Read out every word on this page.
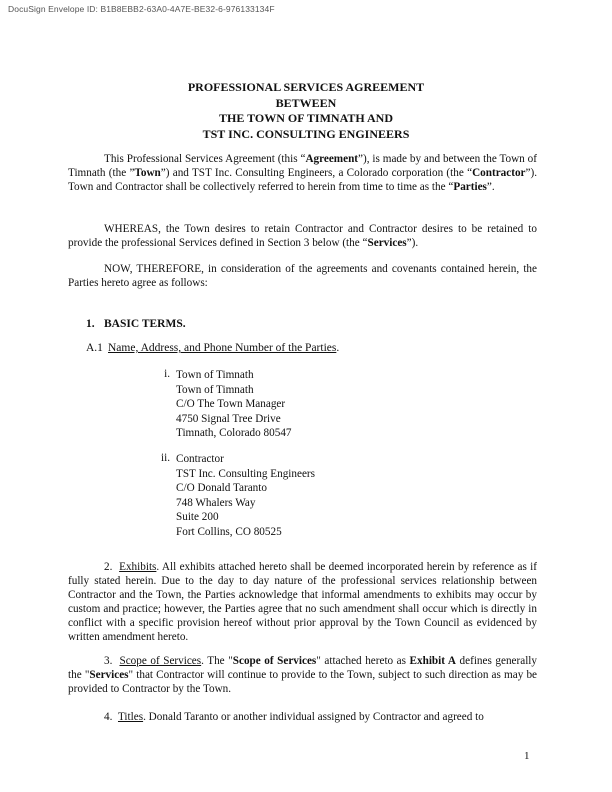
DocuSign Envelope ID: B1B8EBB2-63A0-4A7E-BE32-6-976133134F
PROFESSIONAL SERVICES AGREEMENT
BETWEEN
THE TOWN OF TIMNATH AND
TST INC. CONSULTING ENGINEERS
This Professional Services Agreement (this “Agreement”), is made by and between the Town of Timnath (the ”Town”) and TST Inc. Consulting Engineers, a Colorado corporation (the “Contractor”). Town and Contractor shall be collectively referred to herein from time to time as the “Parties”.
WHEREAS, the Town desires to retain Contractor and Contractor desires to be retained to provide the professional Services defined in Section 3 below (the “Services”).
NOW, THEREFORE, in consideration of the agreements and covenants contained herein, the Parties hereto agree as follows:
1. BASIC TERMS.
A.1 Name, Address, and Phone Number of the Parties.
i. Town of Timnath
Town of Timnath
C/O The Town Manager
4750 Signal Tree Drive
Timnath, Colorado 80547
ii. Contractor
TST Inc. Consulting Engineers
C/O Donald Taranto
748 Whalers Way
Suite 200
Fort Collins, CO 80525
2. Exhibits. All exhibits attached hereto shall be deemed incorporated herein by reference as if fully stated herein. Due to the day to day nature of the professional services relationship between Contractor and the Town, the Parties acknowledge that informal amendments to exhibits may occur by custom and practice; however, the Parties agree that no such amendment shall occur which is directly in conflict with a specific provision hereof without prior approval by the Town Council as evidenced by written amendment hereto.
3. Scope of Services. The "Scope of Services" attached hereto as Exhibit A defines generally the "Services" that Contractor will continue to provide to the Town, subject to such direction as may be provided to Contractor by the Town.
4. Titles. Donald Taranto or another individual assigned by Contractor and agreed to
1
